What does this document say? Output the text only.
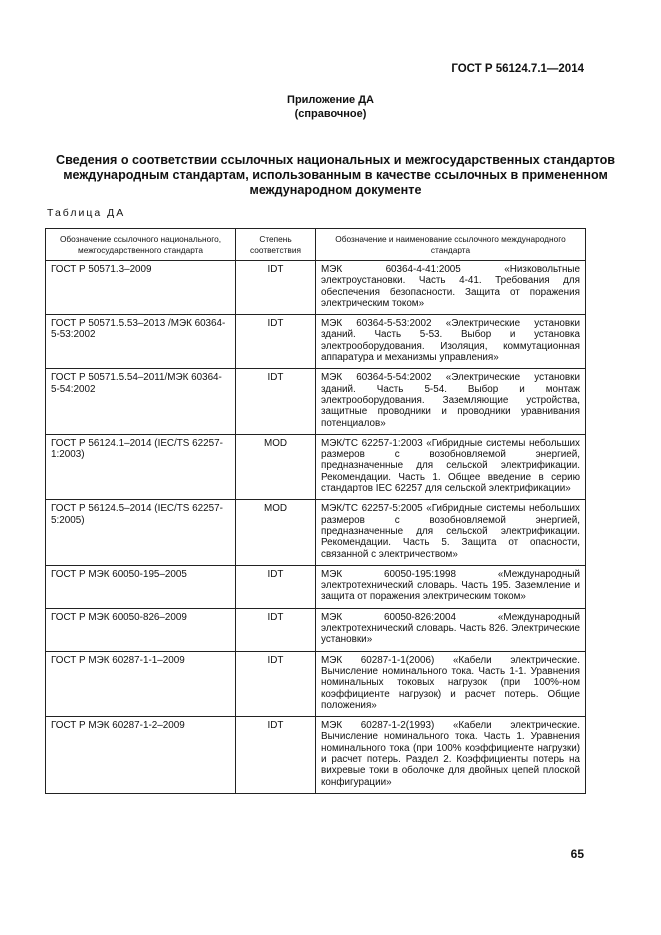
ГОСТ Р 56124.7.1—2014
Приложение ДА
(справочное)
Сведения о соответствии ссылочных национальных и межгосударственных стандартов международным стандартам, использованным в качестве ссылочных в примененном международном документе
Таблица ДА
Обозначение ссылочного национального, межгосударственного стандарта	Степень соответствия	Обозначение и наименование ссылочного международного стандарта
ГОСТ Р 50571.3–2009	IDT	МЭК 60364-4-41:2005 «Низковольтные электроустановки. Часть 4-41. Требования для обеспечения безопасности. Защита от поражения электрическим током»
ГОСТ Р 50571.5.53–2013 /МЭК 60364-5-53:2002	IDT	МЭК 60364-5-53:2002 «Электрические установки зданий. Часть 5-53. Выбор и установка электрооборудования. Изоляция, коммутационная аппаратура и механизмы управления»
ГОСТ Р 50571.5.54–2011/МЭК 60364-5-54:2002	IDT	МЭК 60364-5-54:2002 «Электрические установки зданий. Часть 5-54. Выбор и монтаж электрооборудования. Заземляющие устройства, защитные проводники и проводники уравнивания потенциалов»
ГОСТ Р 56124.1–2014 (IEC/TS 62257-1:2003)	MOD	МЭК/ТС 62257-1:2003 «Гибридные системы небольших размеров с возобновляемой энергией, предназначенные для сельской электрификации. Рекомендации. Часть 1. Общее введение в серию стандартов IEC 62257 для сельской электрификации»
ГОСТ Р 56124.5–2014 (IEC/TS 62257-5:2005)	MOD	МЭК/ТС 62257-5:2005 «Гибридные системы небольших размеров с возобновляемой энергией, предназначенные для сельской электрификации. Рекомендации. Часть 5. Защита от опасности, связанной с электричеством»
ГОСТ Р МЭК 60050-195–2005	IDT	МЭК 60050-195:1998 «Международный электротехнический словарь. Часть 195. Заземление и защита от поражения электрическим током»
ГОСТ Р МЭК 60050-826–2009	IDT	МЭК 60050-826:2004 «Международный электротехнический словарь. Часть 826. Электрические установки»
ГОСТ Р МЭК 60287-1-1–2009	IDT	МЭК 60287-1-1(2006) «Кабели электрические. Вычисление номинального тока. Часть 1-1. Уравнения номинальных токовых нагрузок (при 100%-ном коэффициенте нагрузок) и расчет потерь. Общие положения»
ГОСТ Р МЭК 60287-1-2–2009	IDT	МЭК 60287-1-2(1993) «Кабели электрические. Вычисление номинального тока. Часть 1. Уравнения номинального тока (при 100% коэффициенте нагрузки) и расчет потерь. Раздел 2. Коэффициенты потерь на вихревые токи в оболочке для двойных цепей плоской конфигурации»
65
